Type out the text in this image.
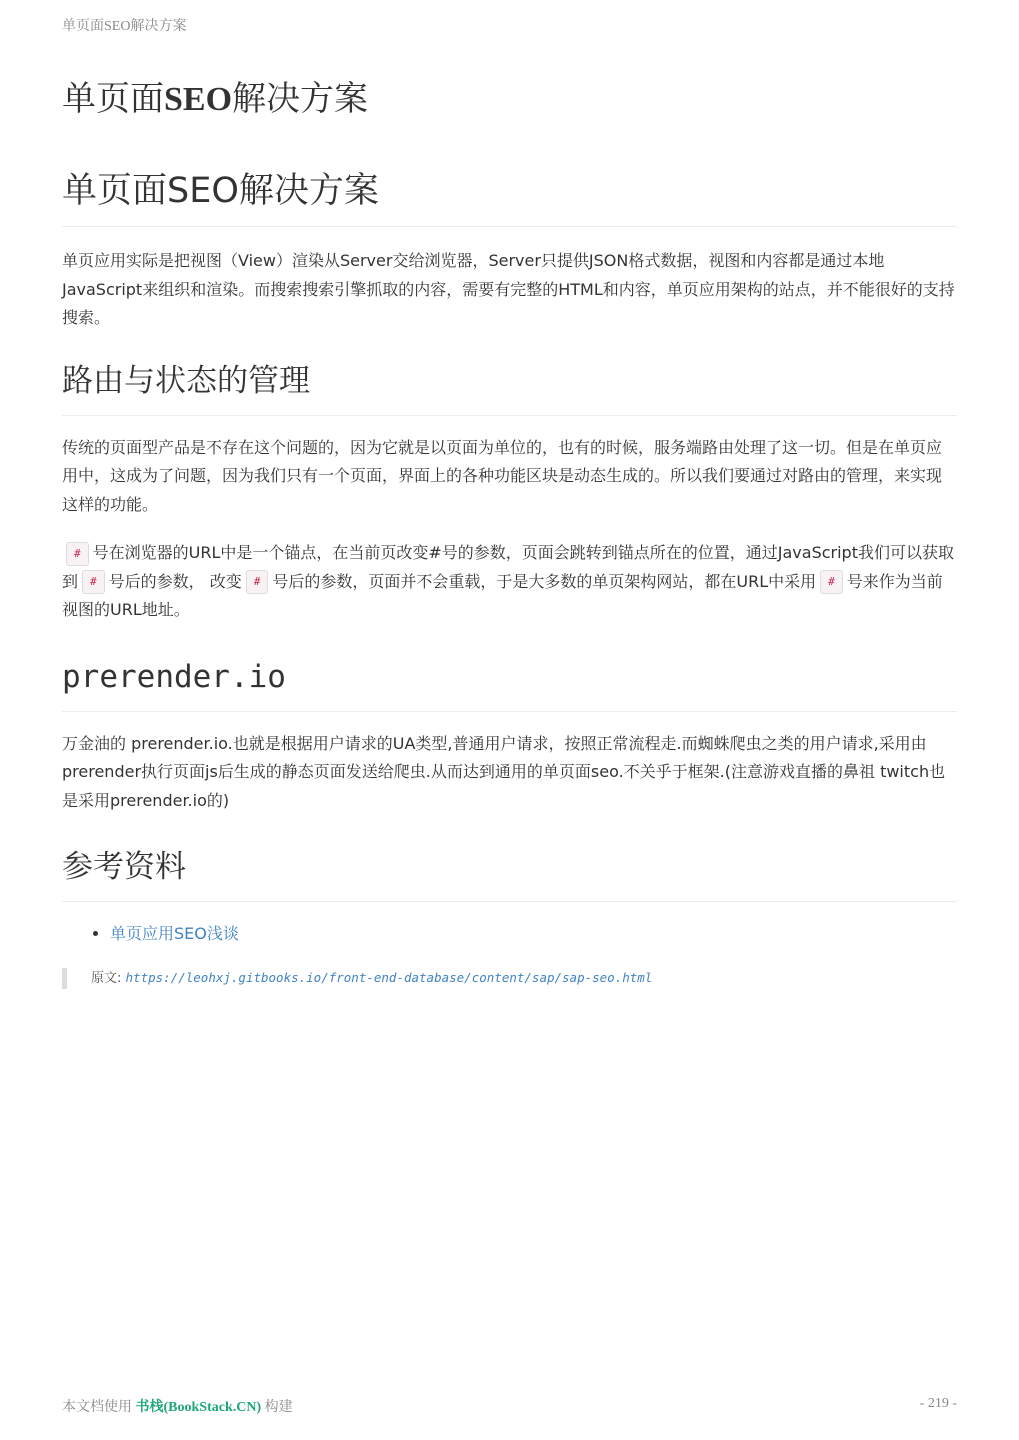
单页面SEO解决方案
单页面SEO解决方案
单页面SEO解决方案

单页应用实际是把视图（View）渲染从Server交给浏览器，Server只提供JSON格式数据，视图和内容都是通过本地JavaScript来组织和渲染。而搜索搜索引擎抓取的内容，需要有完整的HTML和内容，单页应用架构的站点，并不能很好的支持搜索。

路由与状态的管理

传统的页面型产品是不存在这个问题的，因为它就是以页面为单位的，也有的时候，服务端路由处理了这一切。但是在单页应用中，这成为了问题，因为我们只有一个页面，界面上的各种功能区块是动态生成的。所以我们要通过对路由的管理，来实现这样的功能。

# 号在浏览器的URL中是一个锚点，在当前页改变#号的参数，页面会跳转到锚点所在的位置，通过JavaScript我们可以获取到 # 号后的参数， 改变 # 号后的参数，页面并不会重载，于是大多数的单页架构网站，都在URL中采用 # 号来作为当前视图的URL地址。

prerender.io

万金油的 prerender.io.也就是根据用户请求的UA类型,普通用户请求，按照正常流程走.而蜘蛛爬虫之类的用户请求,采用由prerender执行页面js后生成的静态页面发送给爬虫.从而达到通用的单页面seo.不关乎于框架.(注意游戏直播的鼻祖 twitch也是采用prerender.io的)

参考资料
• 单页应用SEO浅谈
原文: https://leohxj.gitbooks.io/front-end-database/content/sap/sap-seo.html
本文档使用 书栈(BookStack.CN) 构建	- 219 -
